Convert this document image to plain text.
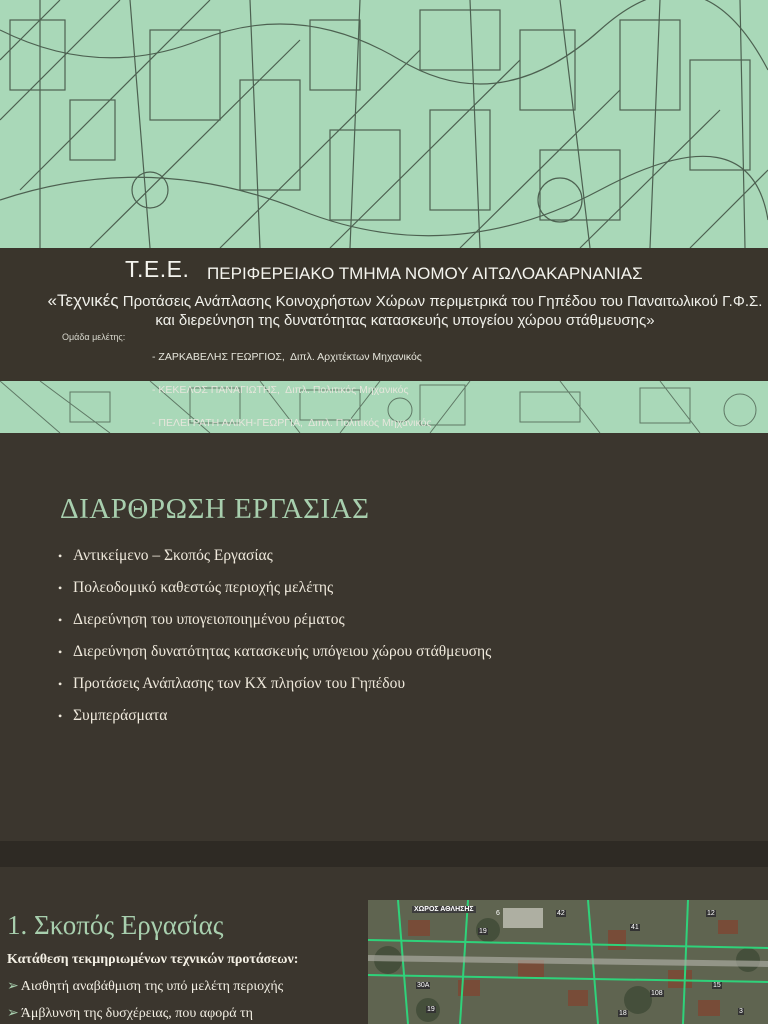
Τ.Ε.Ε. ΠΕΡΙΦΕΡΕΙΑΚΟ ΤΜΗΜΑ ΝΟΜΟΥ ΑΙΤΩΛΟΑΚΑΡΝΑΝΙΑΣ
«Τεχνικές Προτάσεις Ανάπλασης Κοινοχρήστων Χώρων περιμετρικά του Γηπέδου του Παναιτωλικού Γ.Φ.Σ. και διερεύνηση της δυνατότητας κατασκευής υπογείου χώρου στάθμευσης»
Ομάδα μελέτης:

- ΖΑΡΚΑΒΕΛΗΣ ΓΕΩΡΓΙΟΣ,  Διπλ. Αρχιτέκτων Μηχανικός

- ΚΕΚΕΛΟΣ ΠΑΝΑΓΙΩΤΗΣ,  Διπλ. Πολιτικός Μηχανικός

- ΠΕΛΕΓΡΑΤΗ ΑΛΙΚΗ-ΓΕΩΡΓΙΑ,  Διπλ. Πολιτικός Μηχανικός

ΔΙΑΡΘΡΩΣΗ ΕΡΓΑΣΙΑΣ
• Αντικείμενο – Σκοπός Εργασίας
• Πολεοδομικό καθεστώς περιοχής μελέτης
• Διερεύνηση του υπογειοποιημένου ρέματος
• Διερεύνηση δυνατότητας κατασκευής υπόγειου χώρου στάθμευσης
• Προτάσεις Ανάπλασης των ΚΧ πλησίον του Γηπέδου
• Συμπεράσματα
1. Σκοπός Εργασίας
Κατάθεση τεκμηριωμένων τεχνικών προτάσεων:
➢ Αισθητή αναβάθμιση της υπό μελέτη περιοχής
➢ Άμβλυνση της δυσχέρειας, που αφορά τη
ΧΩΡΟΣ ΑΘΛΗΣΗΣ
6	42
41
19
12
108
15
18
30A
19	3
